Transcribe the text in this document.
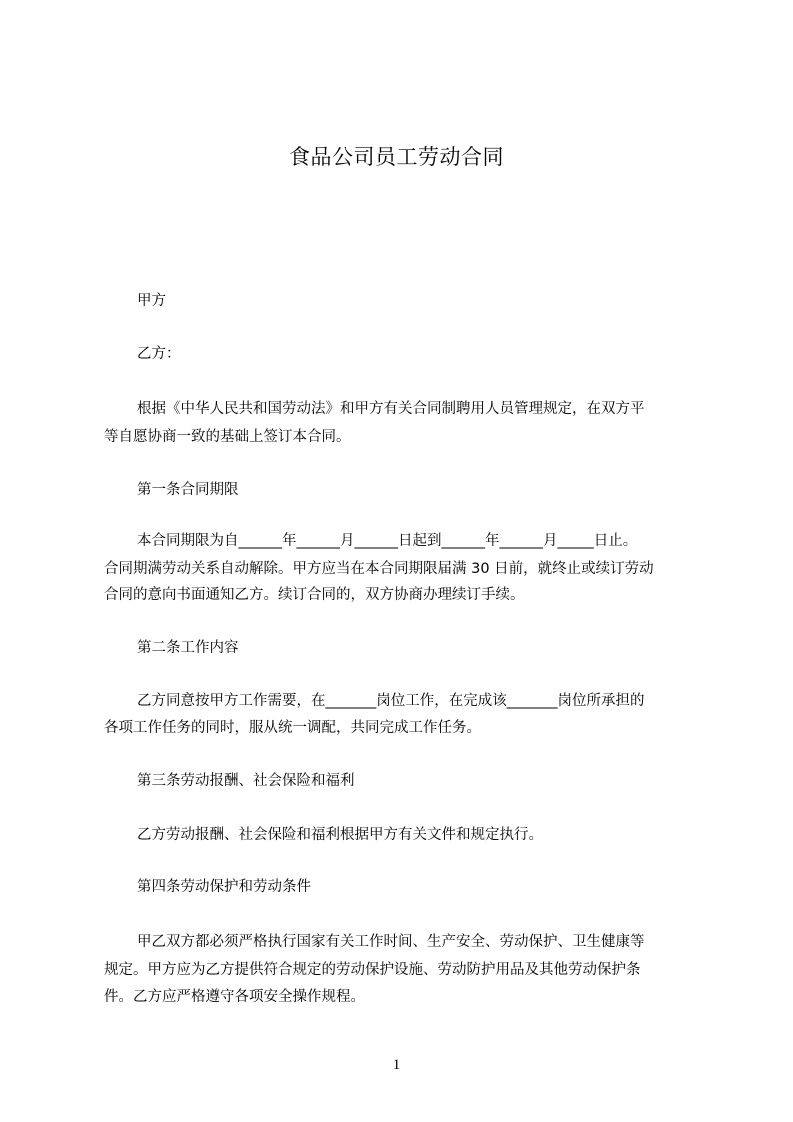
食品公司员工劳动合同
甲方
乙方：
根据《中华人民共和国劳动法》和甲方有关合同制聘用人员管理规定，在双方平
等自愿协商一致的基础上签订本合同。
第一条合同期限
本合同期限为自______年______月______日起到______年______月_____日止。
合同期满劳动关系自动解除。甲方应当在本合同期限届满 30 日前，就终止或续订劳动
合同的意向书面通知乙方。续订合同的，双方协商办理续订手续。
第二条工作内容
乙方同意按甲方工作需要，在_______岗位工作，在完成该_______岗位所承担的
各项工作任务的同时，服从统一调配，共同完成工作任务。
第三条劳动报酬、社会保险和福利
乙方劳动报酬、社会保险和福利根据甲方有关文件和规定执行。
第四条劳动保护和劳动条件
甲乙双方都必须严格执行国家有关工作时间、生产安全、劳动保护、卫生健康等
规定。甲方应为乙方提供符合规定的劳动保护设施、劳动防护用品及其他劳动保护条
件。乙方应严格遵守各项安全操作规程。
1
